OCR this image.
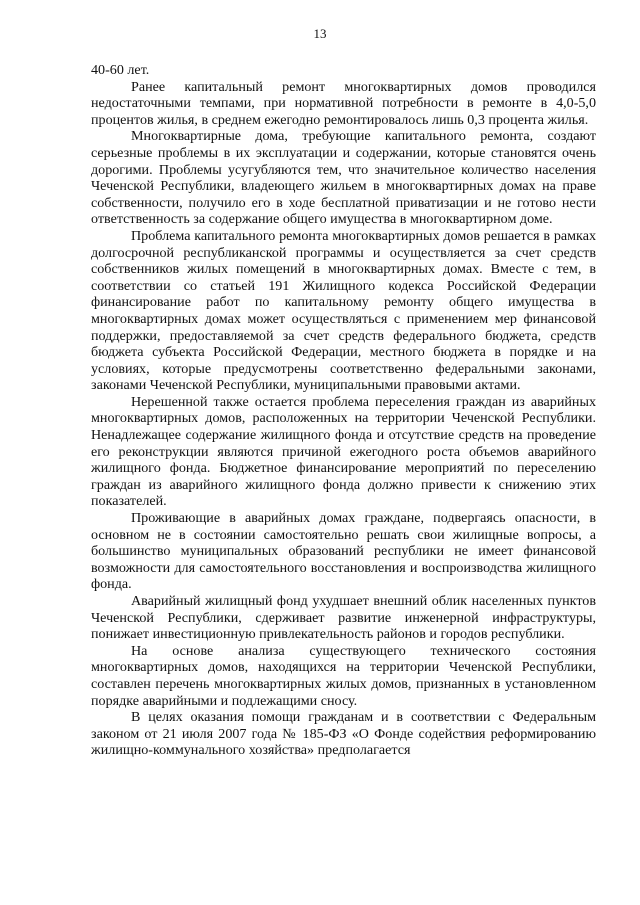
13

40-60 лет.

Ранее капитальный ремонт многоквартирных домов проводился недостаточными темпами, при нормативной потребности в ремонте в 4,0-5,0 процентов жилья, в среднем ежегодно ремонтировалось лишь 0,3 процента жилья.

Многоквартирные дома, требующие капитального ремонта, создают серьезные проблемы в их эксплуатации и содержании, которые становятся очень дорогими. Проблемы усугубляются тем, что значительное количество населения Чеченской Республики, владеющего жильем в многоквартирных домах на праве собственности, получило его в ходе бесплатной приватизации и не готово нести ответственность за содержание общего имущества в многоквартирном доме.

Проблема капитального ремонта многоквартирных домов решается в рамках долгосрочной республиканской программы и осуществляется за счет средств собственников жилых помещений в многоквартирных домах. Вместе с тем, в соответствии со статьей 191 Жилищного кодекса Российской Федерации финансирование работ по капитальному ремонту общего имущества в многоквартирных домах может осуществляться с применением мер финансовой поддержки, предоставляемой за счет средств федерального бюджета, средств бюджета субъекта Российской Федерации, местного бюджета в порядке и на условиях, которые предусмотрены соответственно федеральными законами, законами Чеченской Республики, муниципальными правовыми актами.

Нерешенной также остается проблема переселения граждан из аварийных многоквартирных домов, расположенных на территории Чеченской Республики. Ненадлежащее содержание жилищного фонда и отсутствие средств на проведение его реконструкции являются причиной ежегодного роста объемов аварийного жилищного фонда. Бюджетное финансирование мероприятий по переселению граждан из аварийного жилищного фонда должно привести к снижению этих показателей.

Проживающие в аварийных домах граждане, подвергаясь опасности, в основном не в состоянии самостоятельно решать свои жилищные вопросы, а большинство муниципальных образований республики не имеет финансовой возможности для самостоятельного восстановления и воспроизводства жилищного фонда.

Аварийный жилищный фонд ухудшает внешний облик населенных пунктов Чеченской Республики, сдерживает развитие инженерной инфраструктуры, понижает инвестиционную привлекательность районов и городов республики.

На основе анализа существующего технического состояния многоквартирных домов, находящихся на территории Чеченской Республики, составлен перечень многоквартирных жилых домов, признанных в установленном порядке аварийными и подлежащими сносу.

В целях оказания помощи гражданам и в соответствии с Федеральным законом от 21 июля 2007 года № 185-ФЗ «О Фонде содействия реформированию жилищно-коммунального хозяйства» предполагается
